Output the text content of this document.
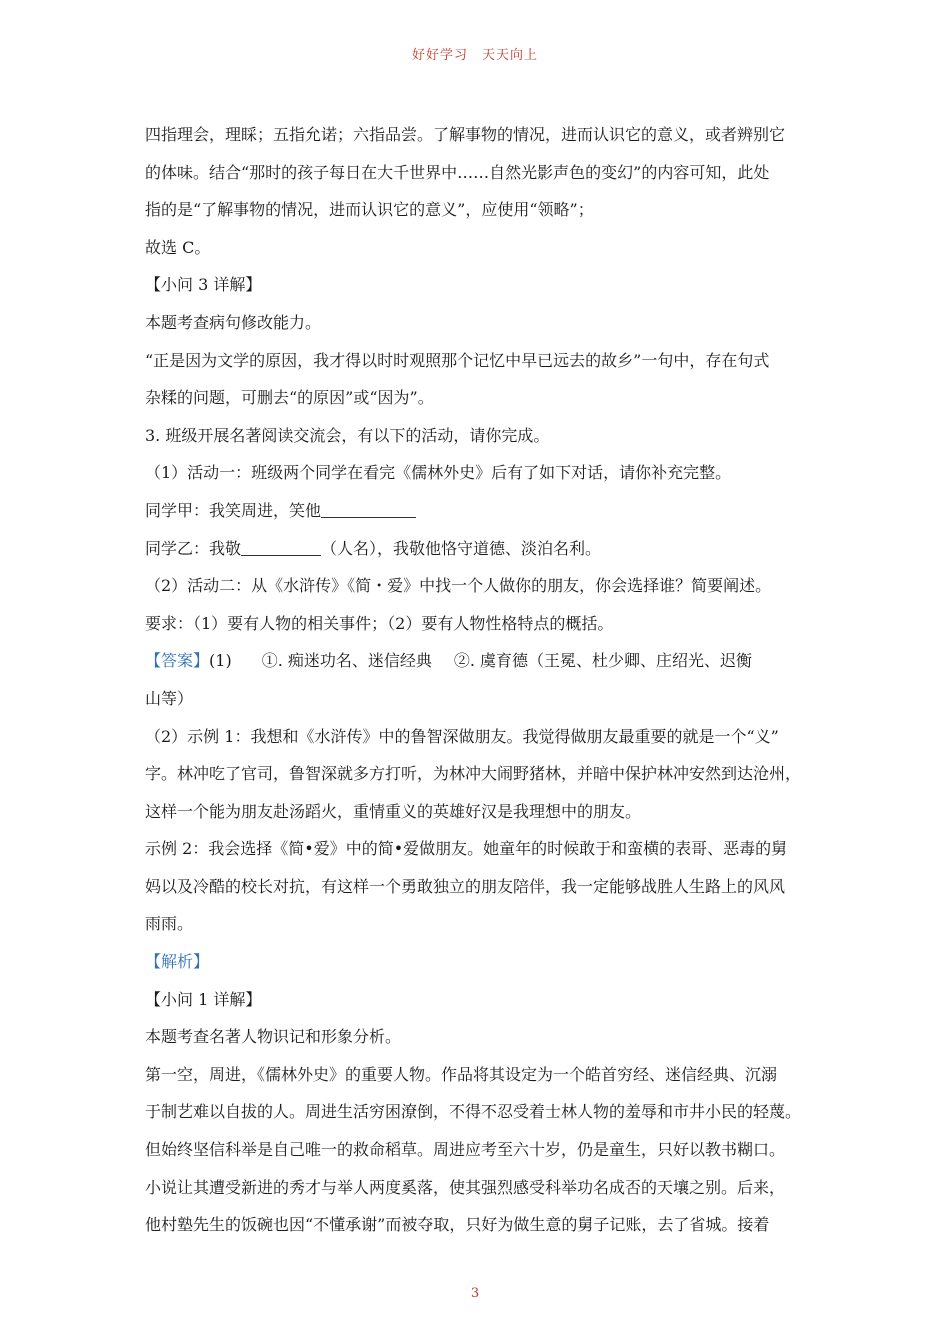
好好学习　天天向上
四指理会，理睬；五指允诺；六指品尝。了解事物的情况，进而认识它的意义，或者辨别它
的体味。结合“那时的孩子每日在大千世界中……自然光影声色的变幻”的内容可知，此处
指的是“了解事物的情况，进而认识它的意义”，应使用“领略”；
故选 C。
【小问 3 详解】
本题考查病句修改能力。
“正是因为文学的原因，我才得以时时观照那个记忆中早已远去的故乡”一句中，存在句式
杂糅的问题，可删去“的原因”或“因为”。
3. 班级开展名著阅读交流会，有以下的活动，请你完成。
（1）活动一：班级两个同学在看完《儒林外史》后有了如下对话，请你补充完整。
同学甲：我笑周进，笑他
同学乙：我敬	（人名），我敬他恪守道德、淡泊名利。
（2）活动二：从《水浒传》《简・爱》中找一个人做你的朋友，你会选择谁？简要阐述。
要求：（1）要有人物的相关事件；（2）要有人物性格特点的概括。
【答案】(1) ①. 痴迷功名、迷信经典 ②. 虞育德（王冕、杜少卿、庄绍光、迟衡
山等）
（2）示例 1：我想和《水浒传》中的鲁智深做朋友。我觉得做朋友最重要的就是一个“义”
字。林冲吃了官司，鲁智深就多方打听，为林冲大闹野猪林，并暗中保护林冲安然到达沧州，
这样一个能为朋友赴汤蹈火，重情重义的英雄好汉是我理想中的朋友。
示例 2：我会选择《简•爱》中的简•爱做朋友。她童年的时候敢于和蛮横的表哥、恶毒的舅
妈以及冷酷的校长对抗，有这样一个勇敢独立的朋友陪伴，我一定能够战胜人生路上的风风
雨雨。
【解析】
【小问 1 详解】
本题考查名著人物识记和形象分析。
第一空，周进，《儒林外史》的重要人物。作品将其设定为一个皓首穷经、迷信经典、沉溺
于制艺难以自拔的人。周进生活穷困潦倒，不得不忍受着士林人物的羞辱和市井小民的轻蔑。
但始终坚信科举是自己唯一的救命稻草。周进应考至六十岁，仍是童生，只好以教书糊口。
小说让其遭受新进的秀才与举人两度奚落，使其强烈感受科举功名成否的天壤之别。后来，
他村塾先生的饭碗也因“不懂承谢”而被夺取，只好为做生意的舅子记账，去了省城。接着
3
